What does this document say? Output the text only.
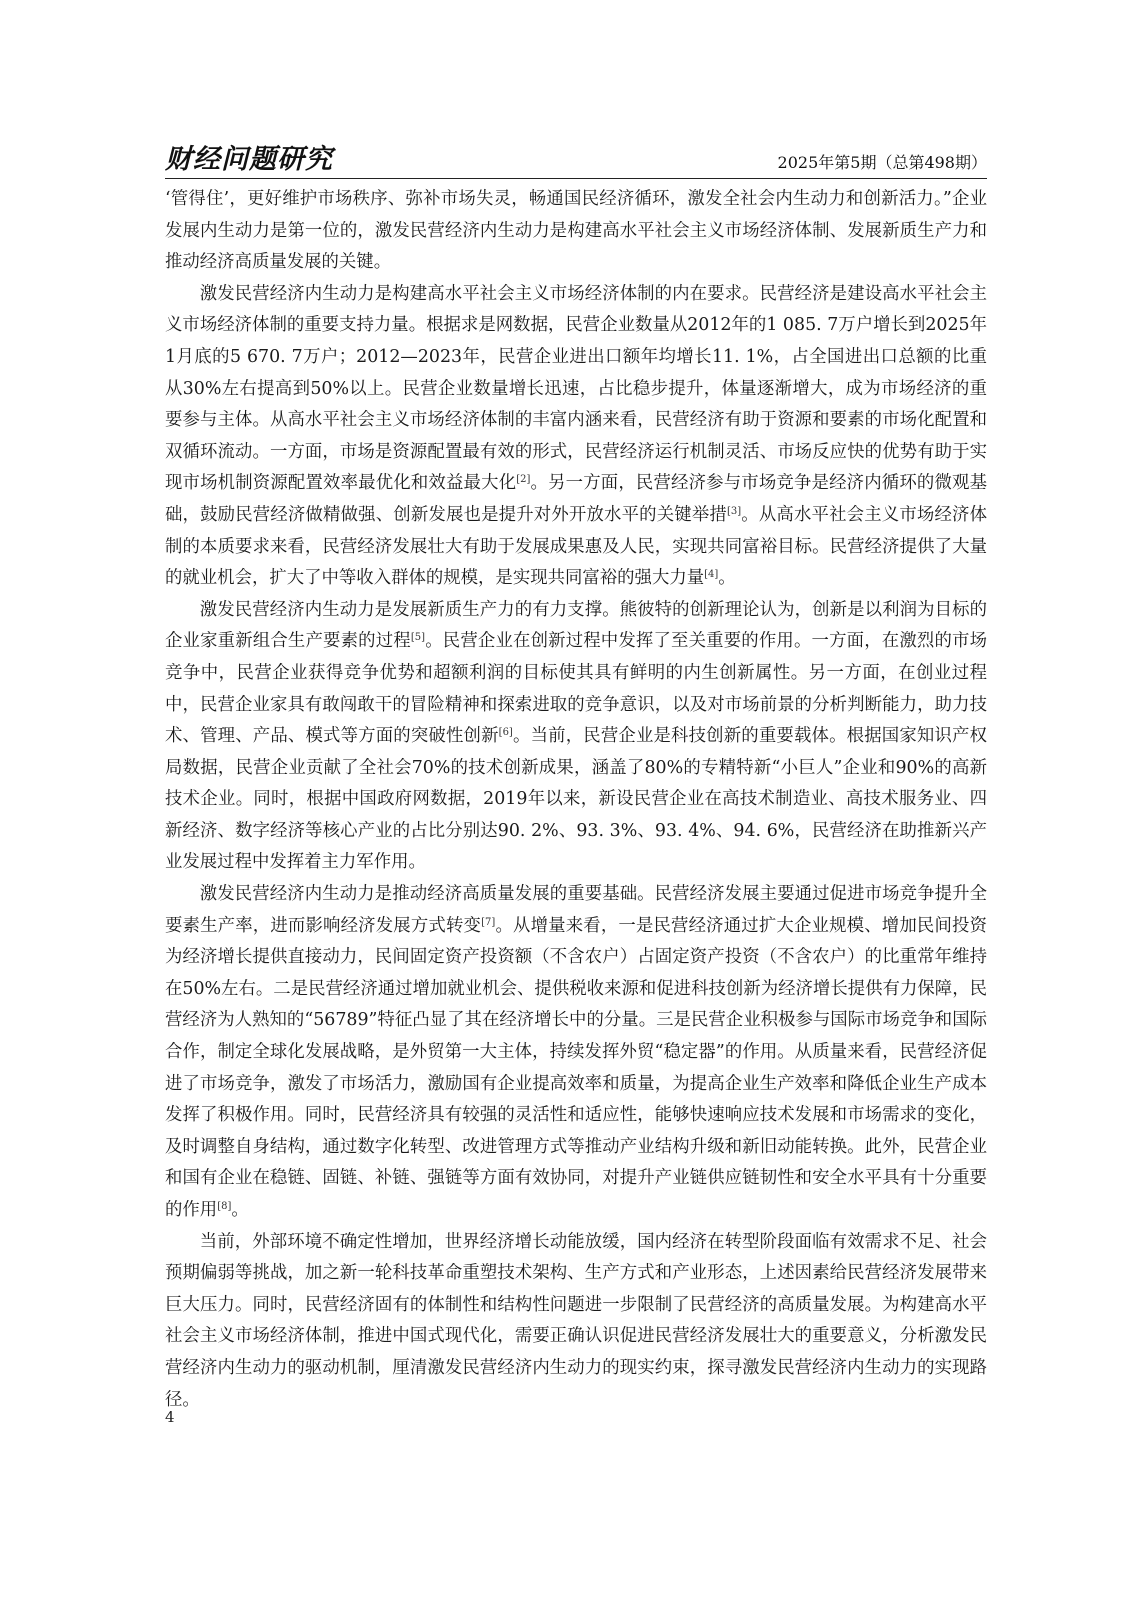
财经问题研究	2025年第5期（总第498期）

‘管得住’，更好维护市场秩序、弥补市场失灵，畅通国民经济循环，激发全社会内生动力和创新活力。”企业发展内生动力是第一位的，激发民营经济内生动力是构建高水平社会主义市场经济体制、发展新质生产力和推动经济高质量发展的关键。

激发民营经济内生动力是构建高水平社会主义市场经济体制的内在要求。民营经济是建设高水平社会主义市场经济体制的重要支持力量。根据求是网数据，民营企业数量从2012年的1 085. 7万户增长到2025年1月底的5 670. 7万户；2012—2023年，民营企业进出口额年均增长11. 1%，占全国进出口总额的比重从30%左右提高到50%以上。民营企业数量增长迅速，占比稳步提升，体量逐渐增大，成为市场经济的重要参与主体。从高水平社会主义市场经济体制的丰富内涵来看，民营经济有助于资源和要素的市场化配置和双循环流动。一方面，市场是资源配置最有效的形式，民营经济运行机制灵活、市场反应快的优势有助于实现市场机制资源配置效率最优化和效益最大化[2]。另一方面，民营经济参与市场竞争是经济内循环的微观基础，鼓励民营经济做精做强、创新发展也是提升对外开放水平的关键举措[3]。从高水平社会主义市场经济体制的本质要求来看，民营经济发展壮大有助于发展成果惠及人民，实现共同富裕目标。民营经济提供了大量的就业机会，扩大了中等收入群体的规模，是实现共同富裕的强大力量[4]。

激发民营经济内生动力是发展新质生产力的有力支撑。熊彼特的创新理论认为，创新是以利润为目标的企业家重新组合生产要素的过程[5]。民营企业在创新过程中发挥了至关重要的作用。一方面，在激烈的市场竞争中，民营企业获得竞争优势和超额利润的目标使其具有鲜明的内生创新属性。另一方面，在创业过程中，民营企业家具有敢闯敢干的冒险精神和探索进取的竞争意识，以及对市场前景的分析判断能力，助力技术、管理、产品、模式等方面的突破性创新[6]。当前，民营企业是科技创新的重要载体。根据国家知识产权局数据，民营企业贡献了全社会70%的技术创新成果，涵盖了80%的专精特新“小巨人”企业和90%的高新技术企业。同时，根据中国政府网数据，2019年以来，新设民营企业在高技术制造业、高技术服务业、四新经济、数字经济等核心产业的占比分别达90. 2%、93. 3%、93. 4%、94. 6%，民营经济在助推新兴产业发展过程中发挥着主力军作用。

激发民营经济内生动力是推动经济高质量发展的重要基础。民营经济发展主要通过促进市场竞争提升全要素生产率，进而影响经济发展方式转变[7]。从增量来看，一是民营经济通过扩大企业规模、增加民间投资为经济增长提供直接动力，民间固定资产投资额（不含农户）占固定资产投资（不含农户）的比重常年维持在50%左右。二是民营经济通过增加就业机会、提供税收来源和促进科技创新为经济增长提供有力保障，民营经济为人熟知的“56789”特征凸显了其在经济增长中的分量。三是民营企业积极参与国际市场竞争和国际合作，制定全球化发展战略，是外贸第一大主体，持续发挥外贸“稳定器”的作用。从质量来看，民营经济促进了市场竞争，激发了市场活力，激励国有企业提高效率和质量，为提高企业生产效率和降低企业生产成本发挥了积极作用。同时，民营经济具有较强的灵活性和适应性，能够快速响应技术发展和市场需求的变化，及时调整自身结构，通过数字化转型、改进管理方式等推动产业结构升级和新旧动能转换。此外，民营企业和国有企业在稳链、固链、补链、强链等方面有效协同，对提升产业链供应链韧性和安全水平具有十分重要的作用[8]。

当前，外部环境不确定性增加，世界经济增长动能放缓，国内经济在转型阶段面临有效需求不足、社会预期偏弱等挑战，加之新一轮科技革命重塑技术架构、生产方式和产业形态，上述因素给民营经济发展带来巨大压力。同时，民营经济固有的体制性和结构性问题进一步限制了民营经济的高质量发展。为构建高水平社会主义市场经济体制，推进中国式现代化，需要正确认识促进民营经济发展壮大的重要意义，分析激发民营经济内生动力的驱动机制，厘清激发民营经济内生动力的现实约束，探寻激发民营经济内生动力的实现路径。

4
